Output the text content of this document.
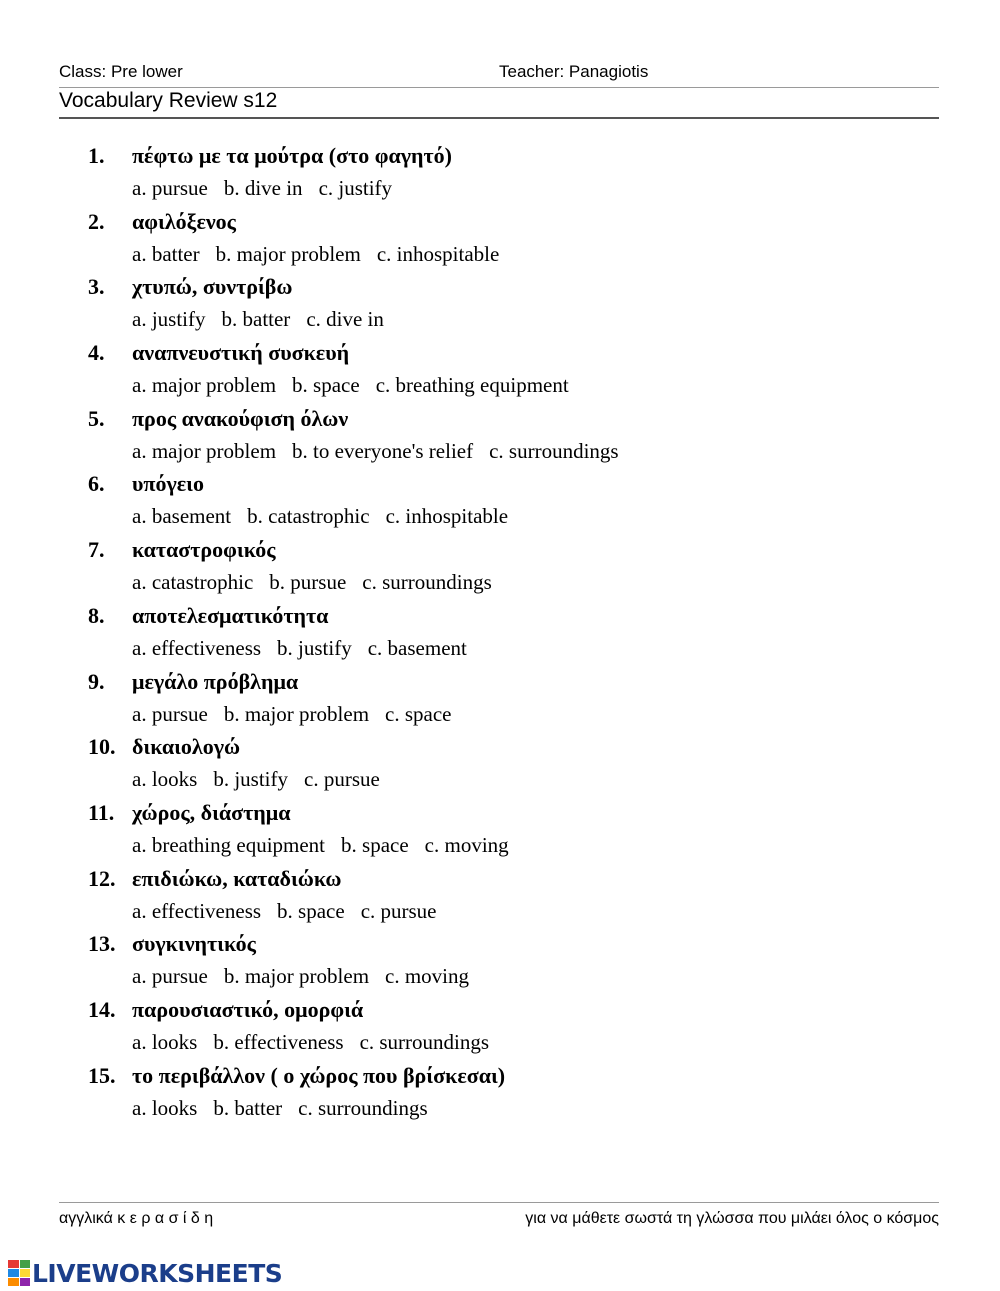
Class: Pre lower	Teacher: Panagiotis
Vocabulary Review s12
1.	πέφτω με τα μούτρα (στο φαγητό)
a. pursue b. dive in c. justify
2.	αφιλόξενος
a. batter b. major problem c. inhospitable
3.	χτυπώ, συντρίβω
a. justify b. batter c. dive in
4.	αναπνευστική συσκευή
a. major problem b. space c. breathing equipment
5.	προς ανακούφιση όλων
a. major problem b. to everyone's relief c. surroundings
6.	υπόγειο
a. basement b. catastrophic c. inhospitable
7.	καταστροφικός
a. catastrophic b. pursue c. surroundings
8.	αποτελεσματικότητα
a. effectiveness b. justify c. basement
9.	μεγάλο πρόβλημα
a. pursue b. major problem c. space
10. δικαιολογώ
a. looks b. justify c. pursue
11. χώρος, διάστημα
a. breathing equipment b. space c. moving
12. επιδιώκω, καταδιώκω
a. effectiveness b. space c. pursue
13. συγκινητικός
a. pursue b. major problem c. moving
14. παρουσιαστικό, ομορφιά
a. looks b. effectiveness c. surroundings
15. το περιβάλλον ( ο χώρος που βρίσκεσαι)
a. looks b. batter c. surroundings
αγγλικά κ ε ρ α σ ί δ η	για να μάθετε σωστά τη γλώσσα που μιλάει όλος ο κόσμος
LIVEWORKSHEETS
